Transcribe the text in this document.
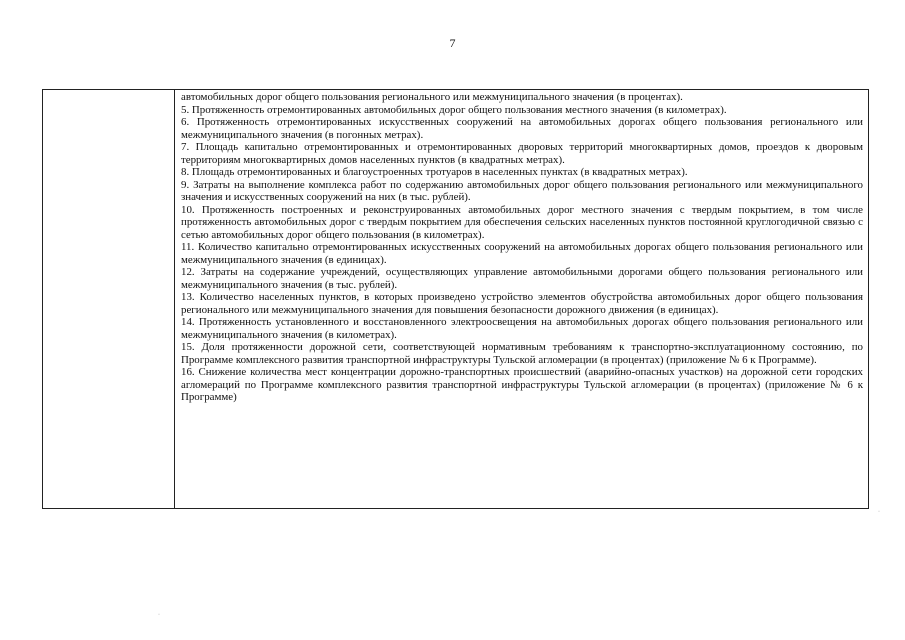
7

автомобильных дорог общего пользования регионального или межмуниципального значения (в процентах).

5. Протяженность отремонтированных автомобильных дорог общего пользования местного значения (в километрах).

6. Протяженность отремонтированных искусственных сооружений на автомобильных дорогах общего пользования регионального или межмуниципального значения (в погонных метрах).

7. Площадь капитально отремонтированных и отремонтированных дворовых территорий многоквартирных домов, проездов к дворовым территориям многоквартирных домов населенных пунктов (в квадратных метрах).

8. Площадь отремонтированных и благоустроенных тротуаров в населенных пунктах (в квадратных метрах).

9. Затраты на выполнение комплекса работ по содержанию автомобильных дорог общего пользования регионального или межмуниципального значения и искусственных сооружений на них (в тыс. рублей).

10. Протяженность построенных и реконструированных автомобильных дорог местного значения с твердым покрытием, в том числе протяженность автомобильных дорог с твердым покрытием для обеспечения сельских населенных пунктов постоянной круглогодичной связью с сетью автомобильных дорог общего пользования (в километрах).

11. Количество капитально отремонтированных искусственных сооружений на автомобильных дорогах общего пользования регионального или межмуниципального значения (в единицах).

12. Затраты на содержание учреждений, осуществляющих управление автомобильными дорогами общего пользования регионального или межмуниципального значения (в тыс. рублей).

13. Количество населенных пунктов, в которых произведено устройство элементов обустройства автомобильных дорог общего пользования регионального или межмуниципального значения для повышения безопасности дорожного движения (в единицах).

14. Протяженность установленного и восстановленного электроосвещения на автомобильных дорогах общего пользования регионального или межмуниципального значения (в километрах).

15. Доля протяженности дорожной сети, соответствующей нормативным требованиям к транспортно-эксплуатационному состоянию, по Программе комплексного развития транспортной инфраструктуры Тульской агломерации (в процентах) (приложение № 6 к Программе).

16. Снижение количества мест концентрации дорожно-транспортных происшествий (аварийно-опасных участков) на дорожной сети городских агломераций по Программе комплексного развития транспортной инфраструктуры Тульской агломерации (в процентах) (приложение № 6 к Программе)

·
·
